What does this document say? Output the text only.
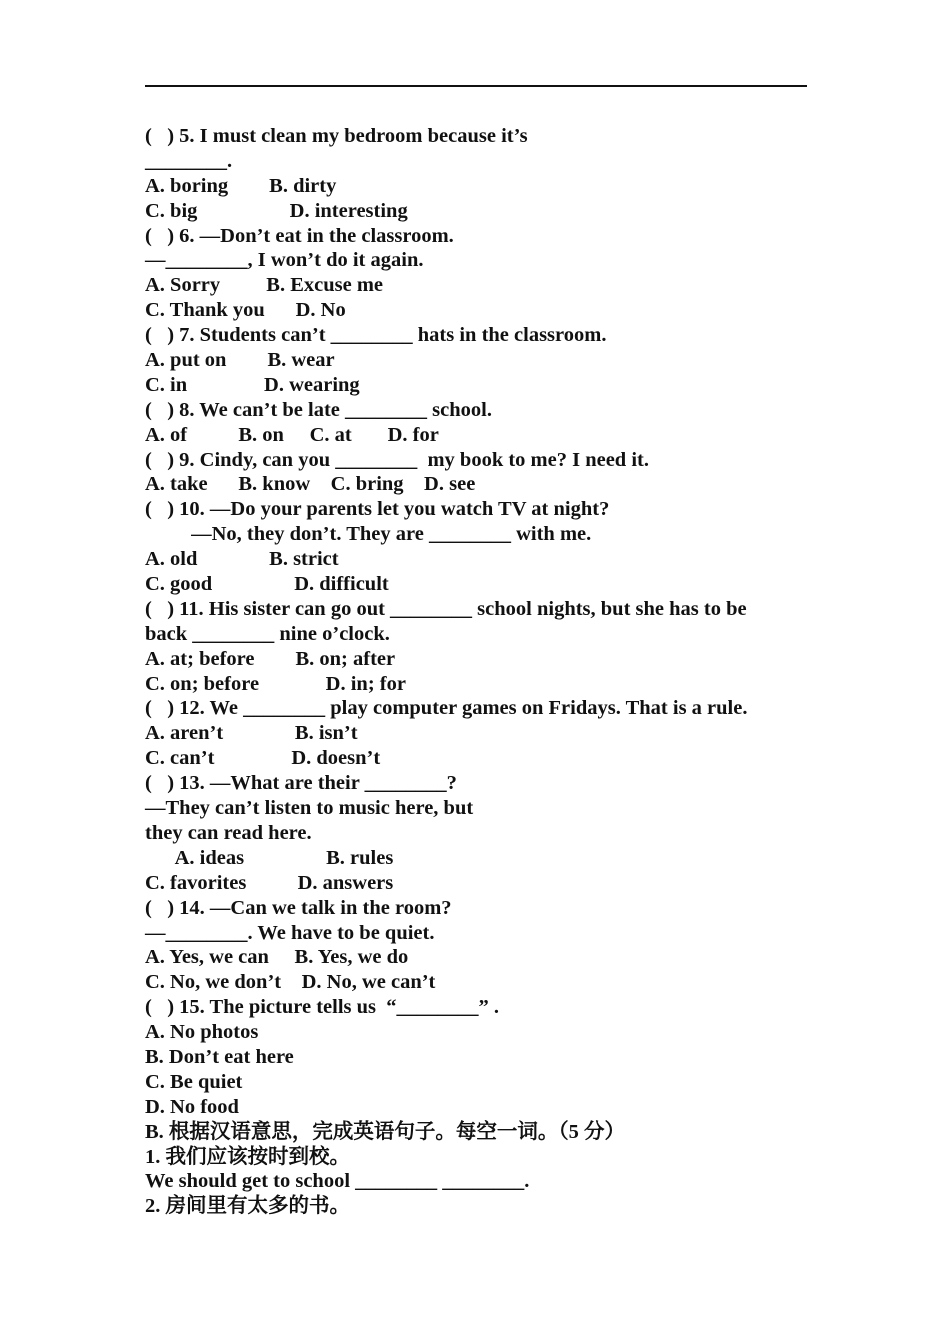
(   ) 5. I must clean my bedroom because it’s
________.
A. boring        B. dirty
C. big                  D. interesting
(   ) 6. —Don’t eat in the classroom.
—________, I won’t do it again.
A. Sorry         B. Excuse me
C. Thank you      D. No
(   ) 7. Students can’t ________ hats in the classroom.
A. put on        B. wear
C. in               D. wearing
(   ) 8. We can’t be late ________ school.
A. of          B. on     C. at       D. for
(   ) 9. Cindy, can you ________  my book to me? I need it.
A. take      B. know    C. bring    D. see
(   ) 10. —Do your parents let you watch TV at night?
—No, they don’t. They are ________ with me.
A. old              B. strict
C. good                D. difficult
(   ) 11. His sister can go out ________ school nights, but she has to be
back ________ nine o’clock.
A. at; before        B. on; after
C. on; before             D. in; for
(   ) 12. We ________ play computer games on Fridays. That is a rule.
A. aren’t              B. isn’t
C. can’t               D. doesn’t
(   ) 13. —What are their ________?
—They can’t listen to music here, but
they can read here.
A. ideas                B. rules
C. favorites          D. answers
(   ) 14. —Can we talk in the room?
—________. We have to be quiet.
A. Yes, we can     B. Yes, we do
C. No, we don’t    D. No, we can’t
(   ) 15. The picture tells us  “________” .
A. No photos
B. Don’t eat here
C. Be quiet
D. No food
B. 根据汉语意思，完成英语句子。每空一词。（5 分）
1. 我们应该按时到校。
We should get to school ________ ________.
2. 房间里有太多的书。
